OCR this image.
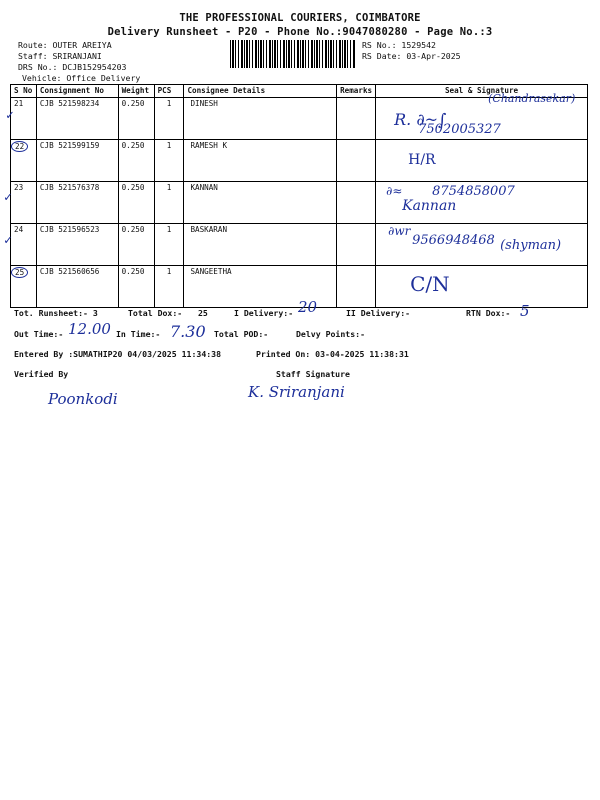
THE PROFESSIONAL COURIERS, COIMBATORE
Delivery Runsheet - P20 - Phone No.:9047080280 - Page No.:3
Route: OUTER AREIYA
Staff: SRIRANJANI
DRS No.: DCJB152954203
Vehicle: Office Delivery
RS No.: 1529542
RS Date: 03-Apr-2025
S No	Consignment No	Weight	PCS	Consignee Details	Remarks	Seal & Signature
21	CJB 521598234	0.250	1	DINESH		(Chandrasekar)
R. ∂~∫
7502005327

22	CJB 521599159	0.250	1	RAMESH K		H/R

23	CJB 521576378	0.250	1	KANNAN		∂≈ 8754858007
Kannan

24	CJB 521596523	0.250	1	BASKARAN		∂wr
9566948468 (shyman)

25	CJB 521560656	0.250	1	SANGEETHA		C/N
✓
✓
✓
Tot. Runsheet:- 3	Total Dox:- 25	I Delivery:- 20	II Delivery:-	RTN Dox:- 5
Out Time:- 12.00 In Time:- 7.30 Total POD:-	Delvy Points:-
Entered By :SUMATHIP20 04/03/2025 11:34:38	Printed On: 03-04-2025 11:38:31
Verified By	Staff Signature
Poonkodi	K. Sriranjani
